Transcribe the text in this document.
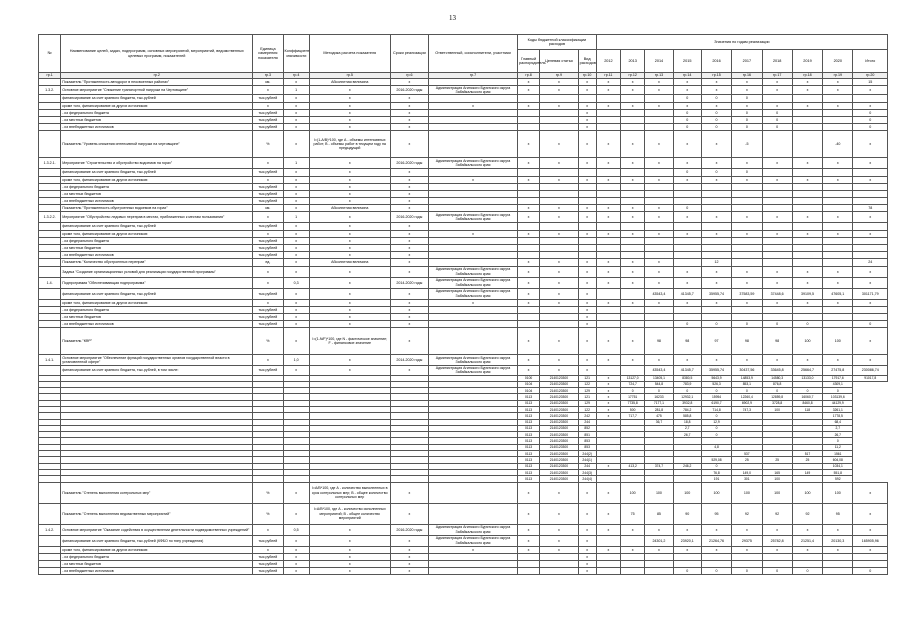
13
№	Наименование целей, задач, подпрограмм, основных мероприятий, мероприятий, ведомственных целевых программ, показателей	Единица измерения показателя	Коэффициент значимости	Методика расчета показателя	Сроки реализации	Ответственный, соисполнители, участники	Коды бюджетной классификации расходов			Значения по годам реализации									
							Главный распорядитель	Целевая статья	Вид расходов	2012	2013	2014	2015	2016	2017	2018	2019	2020	Итого
гр.1	гр.2	гр.3	гр.4	гр.5	гр.6	гр.7	гр.8	гр.9	гр.10	гр.11	гр.12	гр.13	гр.14	гр.15	гр.16	гр.17	гр.18	гр.19	гр.20
	Показатель "Протяженность автодорог в неосвоенных районах"	км.	х	Абсолютная величина	х		х	х	х	х	х	х	х	х	х	х	х	х	15
1.3.2.	Основное мероприятие "Снижение транспортной нагрузки на Чертовщине"	х	1	х	2016-2020 годы	Администрация Агинского Бурятского округа Забайкальского края	х	х	х	х	х	х	х	х	х	х	х	х	х
	финансирование за счет краевого бюджета, тыс.рублей	тыс.рублей	х	х	х								0	0	0				
	кроме того, финансирование из других источников:	х	х	х	х	х	х	х	х	х	х	х	х	х	х	х	х	х	х
	- из федерального бюджета	тыс.рублей	х	х	х				х				0	0	0	0			0
	- из местных бюджетов	тыс.рублей	х	х	х				х				0	0	0	0			0
	- из внебюджетных источников	тыс.рублей	х	х	х				х				0	0	0	0			0
	Показатель "Уровень снижения интенсивной нагрузки на чертовщине"	%	х	I=(1-A/B)*100, где А - объемы интенсивных работ; В - объемы работ в текущем году на предыдущий	х		х	х	х	х	х	х	х	х	-5			-40	х
1.3.2.1.	Мероприятие "Строительство и обустройство водоемов на горах"	х	1	х	2016-2020 годы	Администрация Агинского Бурятского округа Забайкальского края	х	х	х	х	х	х	х	х	х	х	х	х	х
	финансирование за счет краевого бюджета, тыс.рублей	тыс.рублей	х	х	х								0	0	0				
	кроме того, финансирование из других источников:	х	х	х	х	х	х	х	х	х	х	х	х	х	х	х	х	х	х
	- из федерального бюджета	тыс.рублей	х	х	х														
	- из местных бюджетов	тыс.рублей	х	х	х														
	- из внебюджетных источников	тыс.рублей	х	х	х														
	Показатель "Протяженность обустроенных водоемов на горах"	км.	х	Абсолютная величина	х		х	х	х	х	х	х	0						78
1.3.2.2.	Мероприятие "Обустройство ледовых переправ в местах, приближенных к местам пользования"	х	1	х	2016-2020 годы	Администрация Агинского Бурятского округа Забайкальского края	х	х	х	х	х	х	х	х	х	х	х	х	х
	финансирование за счет краевого бюджета, тыс.рублей	тыс.рублей	х	х	х														
	кроме того, финансирование из других источников:	х	х	х	х	х	х	х	х	х	х	х	х	х	х	х	х	х	х
	- из федерального бюджета	тыс.рублей	х	х	х														
	- из местных бюджетов	тыс.рублей	х	х	х														
	- из внебюджетных источников	тыс.рублей	х	х	х														
	Показатель "Количество обустроенных переправ"	ед.	х	Абсолютная величина	х		х	х	х	х	х	х		12					24
	Задача "Создание организационных условий для реализации государственной программы"	х	х	х	х	Администрация Агинского Бурятского округа Забайкальского края	х	х	х	х	х	х	х	х	х	х	х	х	х
1.4.	Подпрограмма "Обеспечивающая подпрограмма"	х	0,3	х	2014-2020 годы	Администрация Агинского Бурятского округа Забайкальского края	х	х	х	х	х	х	х	х	х	х	х	х	х
	финансирование за счет краевого бюджета, тыс.рублей	тыс.рублей	х	х	х	Администрация Агинского Бурятского округа Забайкальского края	х	х	х			43543,4	41345,7	35955,74	37583,59	37448,6	39109,5	47605,1	301171,79
	кроме того, финансирование из других источников:	х	х	х	х	х	х	х	х	х	х	х	х	х	х	х	х	х	х
	- из федерального бюджета	тыс.рублей	х	х	х				х										
	- из местных бюджетов	тыс.рублей	х	х	х				х										
	- из внебюджетных источников	тыс.рублей	х	х	х				х				0	0	0	0	0		0
	Показатель "КФР"	%	х	I=(1-N/F)*100, где N - фактическое значение; F - финансовое значение	х		х	х	х	х	х	98	98	97	98	98	100	100	х
1.4.1.	Основное мероприятие "Обеспечение функций государственных органов государственной власти в установленной сфере"	х	1,0	х	2014-2020 годы	Администрация Агинского Бурятского округа Забайкальского края	х	х	х	х	х	х	х	х	х	х	х	х	х
	финансирование за счет краевого бюджета, тыс.рублей, в том числе:	тыс.рублей	х	х	х	Администрация Агинского Бурятского округа Забайкальского края	х	х	х			43543,4	41345,7	35955,74	30437,56	33645,8	25664,7	27475,8	230086,74
							0100	2140120300	121	х	13127,0	13405,1	8380,5	5643,9	14853,9	14580,3	13133,0	17917,6	91017,8
							0104	2140120300	122	х	724,7	544,8	783,9	526,3	853,1	876,8		4309,1	
							0104	2140120300	129	х	0	0	0	0	0	0	0	0	
							0113	2140120300	121	х	17751	16233	12932,1	15954	12260,4	12859,8	16060,7	103139,6	
							0113	2140120300	129	х	7735,8	7177,1	3932,8	6190,7	6902,9	3728,8	8460,8	44129,9	
							0113	2140120300	122	х	500	281,8	784,2	714,8	747,3	100	118	3261,1	
							0113	2140120300	242	х	717,7	475	585,8	0				1778,5	
							0113	2140120300	244			36,7	18,8	12,9				68,4	
							0113	2140120300	852				2,7	0				2,7	
							0113	2140120300	851				26,7	0				26,7	
							0113	2140120300	853									0	
							0113	2140120300	853					4,8				11,2	
							0113	2140120300	244(2)						537		517	1561	
							0113	2140120300	244(1)					529,08	25	25	25	604,08	
							0113	2140120300	244	х	413,2	374,7	246,2	0				1034,1	
							0113	2140120300	244(3)					76,8	149,0	165	149	551,8	
							0113	2140120300	244(4)					191	301	100		592	
	Показатель "Степень выполнения контрольных мер"	%	х	I=A/B*100, где А - количество выполненных в срок контрольных мер; В - общее количество контрольных мер	х		х	х	х	х	100	100	100	100	100	100	100	100	х
	Показатель "Степень выполнения ведомственных мероприятий"	%	х	I=A/B*100, где А - количество исполненных мероприятий; В - общее количество мероприятий	х		х	х	х	х	75	85	90	95	92	92	92	95	х
1.4.2.	Основное мероприятие "Оказание содействия в осуществлении деятельности подведомственных учреждений"	х	0,5	х	2016-2020 годы	Администрация Агинского Бурятского округа Забайкальского края	х	х	х	х	х	х	х	х	х	х	х	х	х
	финансирование за счет краевого бюджета, тыс.рублей (КФБО по типу учреждения)	тыс.рублей	х	х	х	Администрация Агинского Бурятского округа Забайкальского края	х	х	х			24301,2	23920,1	21264,76	29375	25782,8	21251,4	20130,3	165905,96
	кроме того, финансирование из других источников:	х	х	х	х	х	х	х	х	х	х	х	х	х	х	х	х	х	х
	- из федерального бюджета	тыс.рублей	х	х	х				х										
	- из местных бюджетов	тыс.рублей	х	х	х				х										
	- из внебюджетных источников	тыс.рублей	х	х	х				х				0	0	0	0	0		0
